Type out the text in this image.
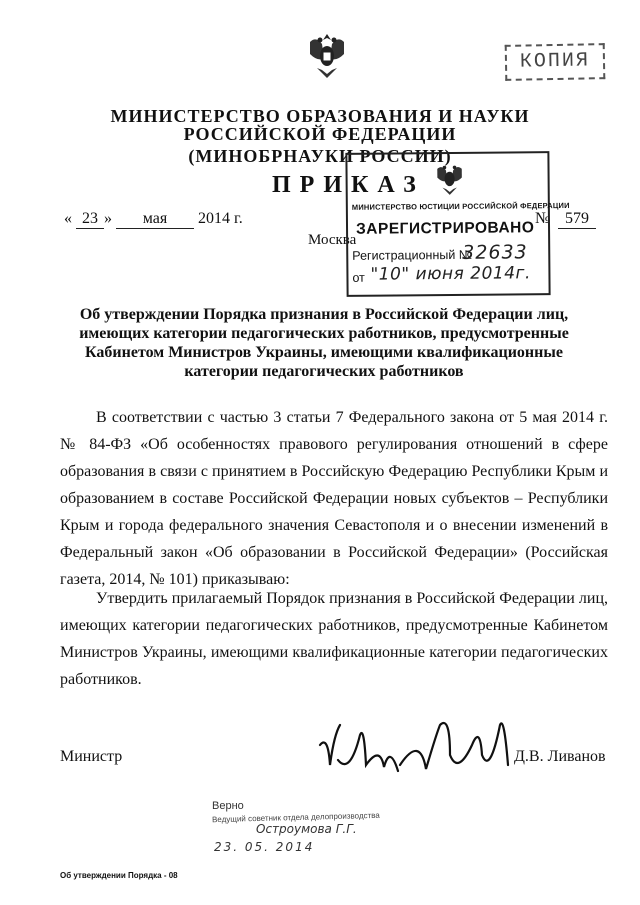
КОПИЯ
МИНИСТЕРСТВО ОБРАЗОВАНИЯ И НАУКИ
РОССИЙСКОЙ ФЕДЕРАЦИИ
(МИНОБРНАУКИ РОССИИ)
ПРИКАЗ
« 23 » мая 2014 г.
Москва
№ 579
МИНИСТЕРСТВО ЮСТИЦИИ РОССИЙСКОЙ ФЕДЕРАЦИИ
ЗАРЕГИСТРИРОВАНО
Регистрационный №
32633
от "10" июня 2014г.
Об утверждении Порядка признания в Российской Федерации лиц, имеющих категории педагогических работников, предусмотренные Кабинетом Министров Украины, имеющими квалификационные категории педагогических работников
В соответствии с частью 3 статьи 7 Федерального закона от 5 мая 2014 г. № 84-ФЗ «Об особенностях правового регулирования отношений в сфере образования в связи с принятием в Российскую Федерацию Республики Крым и образованием в составе Российской Федерации новых субъектов – Республики Крым и города федерального значения Севастополя и о внесении изменений в Федеральный закон «Об образовании в Российской Федерации» (Российская газета, 2014, № 101) приказываю:
Утвердить прилагаемый Порядок признания в Российской Федерации лиц, имеющих категории педагогических работников, предусмотренные Кабинетом Министров Украины, имеющими квалификационные категории педагогических работников.
Министр	Д.В. Ливанов
Верно
Ведущий советник отдела делопроизводства
Остроумова Г.Г.
23. 05. 2014
Об утверждении Порядка - 08
